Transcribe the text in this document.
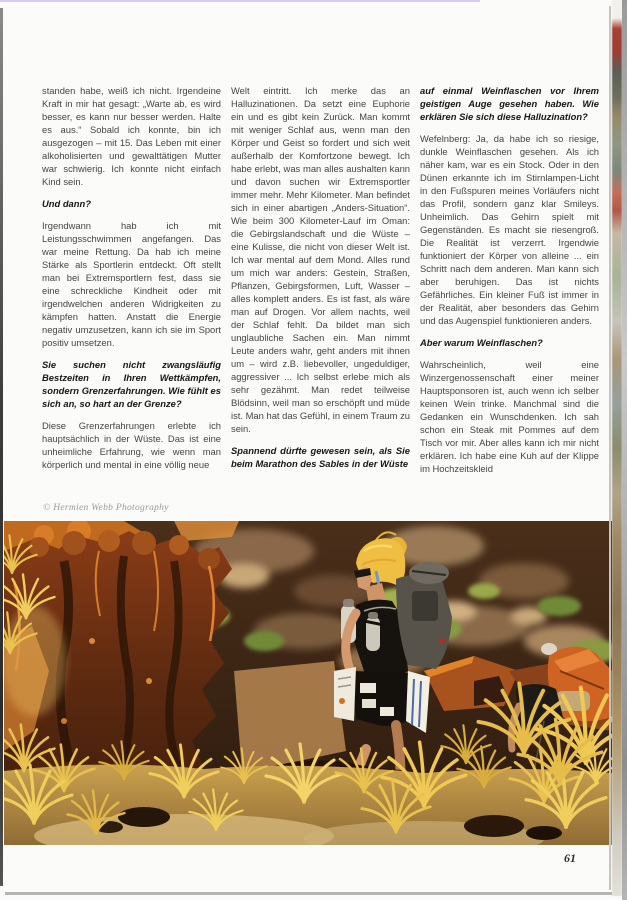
standen habe, weiß ich nicht. Irgendeine Kraft in mir hat gesagt: „Warte ab, es wird besser, es kann nur besser werden. Halte es aus.“ Sobald ich konnte, bin ich ausgezogen – mit 15. Das Leben mit einer alkoholisierten und gewalttätigen Mutter war schwierig. Ich konnte nicht einfach Kind sein.

Und dann?

Irgendwann hab ich mit Leistungsschwimmen angefangen. Das war meine Rettung. Da hab ich meine Stärke als Sportlerin entdeckt. Oft stellt man bei Extremsportlern fest, dass sie eine schreckliche Kindheit oder mit irgendwelchen anderen Widrigkeiten zu kämpfen hatten. Anstatt die Energie negativ umzusetzen, kann ich sie im Sport positiv umsetzen.

Sie suchen nicht zwangsläufig Bestzeiten in Ihren Wettkämpfen, sondern Grenzerfahrungen. Wie fühlt es sich an, so hart an der Grenze?

Diese Grenzerfahrungen erlebte ich hauptsächlich in der Wüste. Das ist eine unheimliche Erfahrung, wie wenn man körperlich und mental in eine völlig neue

Welt eintritt. Ich merke das an Halluzinationen. Da setzt eine Euphorie ein und es gibt kein Zurück. Man kommt mit weniger Schlaf aus, wenn man den Körper und Geist so fordert und sich weit außerhalb der Komfortzone bewegt. Ich habe erlebt, was man alles aushalten kann und davon suchen wir Extremsportler immer mehr. Mehr Kilometer. Man befindet sich in einer abartigen „Anders-Situation“. Wie beim 300 Kilometer-Lauf im Oman: die Gebirgslandschaft und die Wüste – eine Kulisse, die nicht von dieser Welt ist. Ich war mental auf dem Mond. Alles rund um mich war anders: Gestein, Straßen, Pflanzen, Gebirgsformen, Luft, Wasser – alles komplett anders. Es ist fast, als wäre man auf Drogen. Vor allem nachts, weil der Schlaf fehlt. Da bildet man sich unglaubliche Sachen ein. Man nimmt Leute anders wahr, geht anders mit ihnen um – wird z.B. liebevoller, ungeduldiger, aggressiver ... Ich selbst erlebe mich als sehr gezähmt. Man redet teilweise Blödsinn, weil man so erschöpft und müde ist. Man hat das Gefühl, in einem Traum zu sein.

Spannend dürfte gewesen sein, als Sie beim Marathon des Sables in der Wüste

auf einmal Weinflaschen vor Ihrem geistigen Auge gesehen haben. Wie erklären Sie sich diese Halluzination?

Wefelnberg: Ja, da habe ich so riesige, dunkle Weinflaschen gesehen. Als ich näher kam, war es ein Stock. Oder in den Dünen erkannte ich im Stirnlampen-Licht in den Fußspuren meines Vorläufers nicht das Profil, sondern ganz klar Smileys. Unheimlich. Das Gehirn spielt mit Gegenständen. Es macht sie riesengroß. Die Realität ist verzerrt. Irgendwie funktioniert der Körper von alleine ... ein Schritt nach dem anderen. Man kann sich aber beruhigen. Das ist nichts Gefährliches. Ein kleiner Fuß ist immer in der Realität, aber besonders das Gehirn und das Augenspiel funktionieren anders.

Aber warum Weinflaschen?

Wahrscheinlich, weil eine Winzergenossenschaft einer meiner Hauptsponsoren ist, auch wenn ich selber keinen Wein trinke. Manchmal sind die Gedanken ein Wunschdenken. Ich sah schon ein Steak mit Pommes auf dem Tisch vor mir. Aber alles kann ich mir nicht erklären. Ich habe eine Kuh auf der Klippe im Hochzeitskleid

© Hermien Webb Photography
61
